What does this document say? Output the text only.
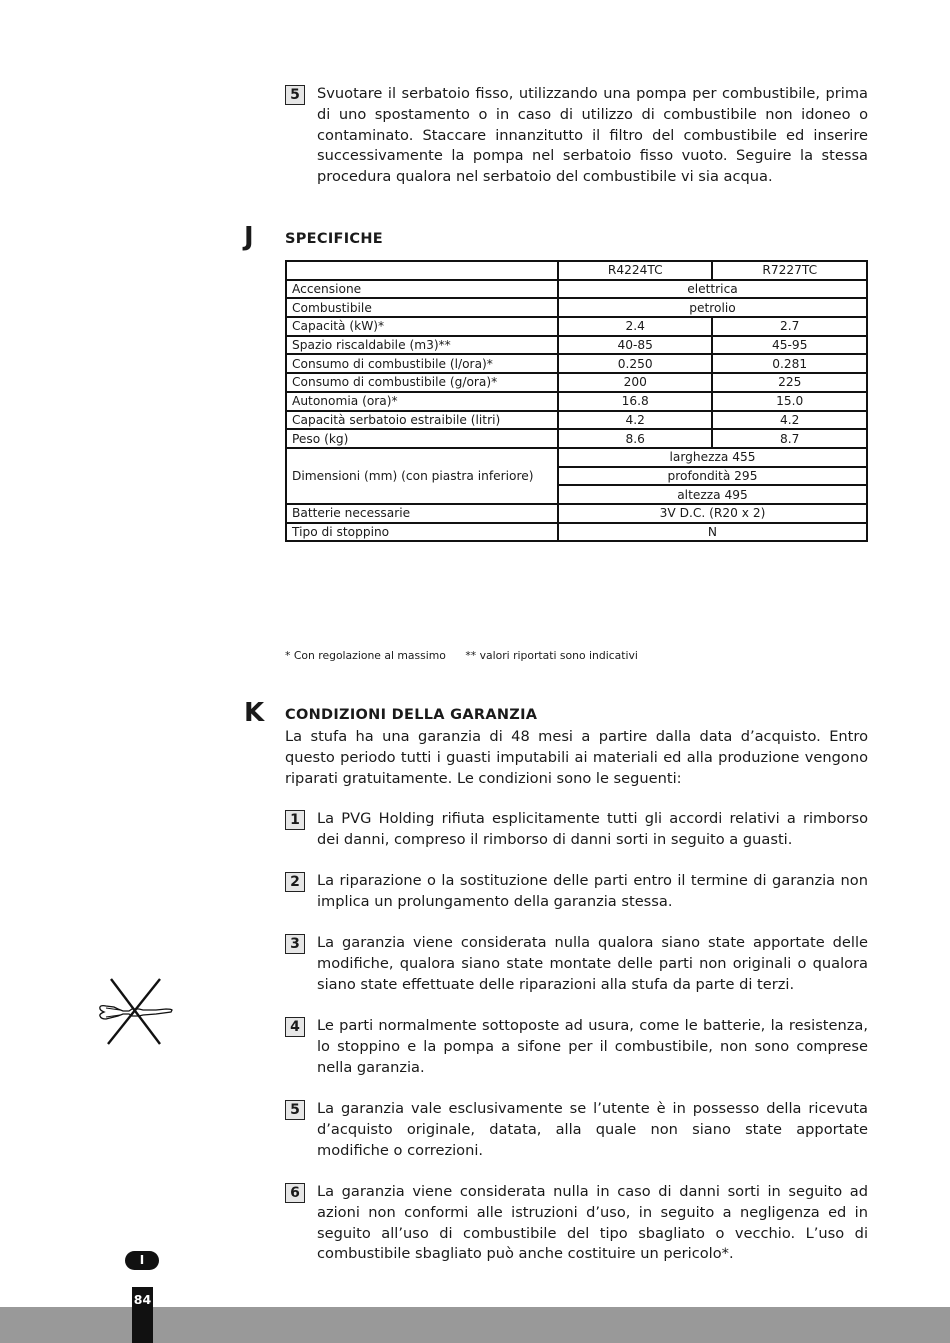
5	Svuotare il serbatoio fisso, utilizzando una pompa per combustibile, prima di uno spostamento o in caso di utilizzo di combustibile non idoneo o contaminato. Staccare innanzitutto il filtro del combustibile ed inserire successivamente la pompa nel serbatoio fisso vuoto. Seguire la stessa procedura qualora nel serbatoio del combustibile vi sia acqua.
J SPECIFICHE
	R4224TC	R7227TC
Accensione	elettrica	
Combustibile	petrolio	
Capacità (kW)*	2.4	2.7
Spazio riscaldabile (m3)**	40-85	45-95
Consumo di combustibile (l/ora)*	0.250	0.281
Consumo di combustibile (g/ora)*	200	225
Autonomia (ora)*	16.8	15.0
Capacità serbatoio estraibile (litri)	4.2	4.2
Peso (kg)	8.6	8.7
Dimensioni (mm) (con piastra inferiore)	larghezza 455	
	profondità 295	
	altezza 495	
Batterie necessarie	3V D.C. (R20 x 2)	
Tipo di stoppino	N	
* Con regolazione al massimo ** valori riportati sono indicativi
K CONDIZIONI DELLA GARANZIA
La stufa ha una garanzia di 48 mesi a partire dalla data d’acquisto. Entro questo periodo tutti i guasti imputabili ai materiali ed alla produzione vengono riparati gratuitamente. Le condizioni sono le seguenti:
1	La PVG Holding rifiuta esplicitamente tutti gli accordi relativi a rimborso dei danni, compreso il rimborso di danni sorti in seguito a guasti.
2	La riparazione o la sostituzione delle parti entro il termine di garanzia non implica un prolungamento della garanzia stessa.
3	La garanzia viene considerata nulla qualora siano state apportate delle modifiche, qualora siano state montate delle parti non originali o qualora siano state effettuate delle riparazioni alla stufa da parte di terzi.
4	Le parti normalmente sottoposte ad usura, come le batterie, la resistenza, lo stoppino e la pompa a sifone per il combustibile, non sono comprese nella garanzia.
5	La garanzia vale esclusivamente se l’utente è in possesso della ricevuta d’acquisto originale, datata, alla quale non siano state apportate modifiche o correzioni.
6	La garanzia viene considerata nulla in caso di danni sorti in seguito ad azioni non conformi alle istruzioni d’uso, in seguito a negligenza ed in seguito all’uso di combustibile del tipo sbagliato o vecchio. L’uso di combustibile sbagliato può anche costituire un pericolo*.
84
I
